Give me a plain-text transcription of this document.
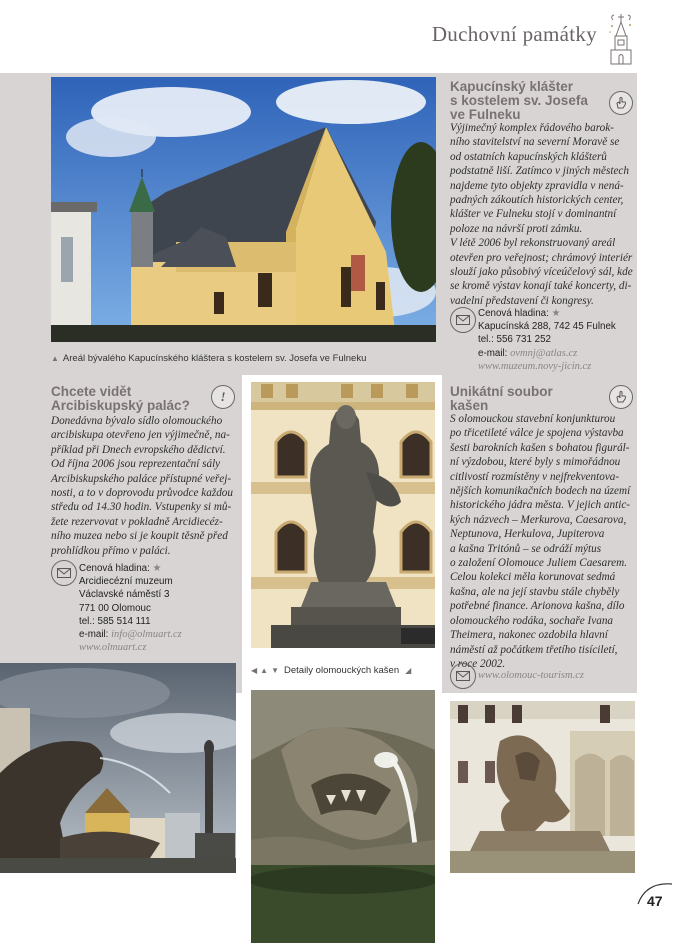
Duchovní památky
▲ Areál bývalého Kapucínského kláštera s kostelem sv. Josefa ve Fulneku
Kapucínský klášter
s kostelem sv. Josefa
ve Fulneku
Výjimečný komplex řádového barok-
ního stavitelství na severní Moravě se
od ostatních kapucínských klášterů
podstatně liší. Zatímco v jiných městech
najdeme tyto objekty zpravidla v nená-
padných zákoutích historických center,
klášter ve Fulneku stojí v dominantní
poloze na návrší proti zámku.
V létě 2006 byl rekonstruovaný areál
otevřen pro veřejnost; chrámový interiér
slouží jako působivý víceúčelový sál, kde
se kromě výstav konají také koncerty, di-
vadelní představení či kongresy.
Cenová hladina: ★
Kapucínská 288, 742 45 Fulnek
tel.: 556 731 252
e-mail: ovmnj@atlas.cz
www.muzeum.novy-jicin.cz
Chcete vidět
Arcibiskupský palác?
!
Donedávna bývalo sídlo olomouckého
arcibiskupa otevřeno jen výjimečně, na-
příklad při Dnech evropského dědictví.
Od října 2006 jsou reprezentační sály
Arcibiskupského paláce přístupné veřej-
nosti, a to v doprovodu průvodce každou
středu od 14.30 hodin. Vstupenky si mů-
žete rezervovat v pokladně Arcidiecéz-
ního muzea nebo si je koupit těsně před
prohlídkou přímo v paláci.
Cenová hladina: ★
Arcidiecézní muzeum
Václavské náměstí 3
771 00 Olomouc
tel.: 585 514 111
e-mail: info@olmuart.cz
www.olmuart.cz
Unikátní soubor
kašen
S olomouckou stavební konjunkturou
po třicetileté válce je spojena výstavba
šesti barokních kašen s bohatou figurál-
ní výzdobou, které byly s mimořádnou
citlivostí rozmístěny v nejfrekventova-
nějších komunikačních bodech na území
historického jádra města. V jejich antic-
kých názvech – Merkurova, Caesarova,
Neptunova, Herkulova, Jupiterova
a kašna Tritónů – se odráží mýtus
o založení Olomouce Juliem Caesarem.
Celou kolekci měla korunovat sedmá
kašna, ale na její stavbu stále chyběly
potřebné finance. Arionova kašna, dílo
olomouckého rodáka, sochaře Ivana
Theimera, nakonec ozdobila hlavní
náměstí až počátkem třetího tisíciletí,
v roce 2002.
www.olomouc-tourism.cz
◀ ▲ ▼ Detaily olomouckých kašen ◢
47
